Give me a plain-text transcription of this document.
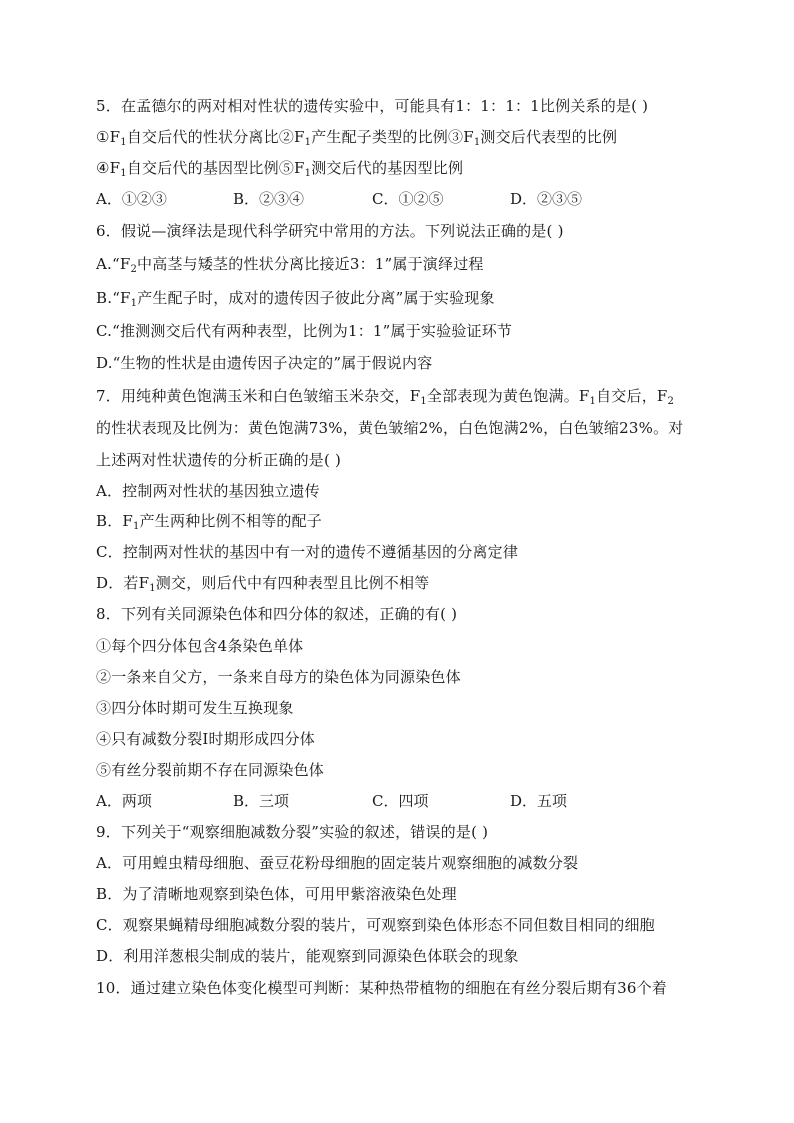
5．在孟德尔的两对相对性状的遗传实验中，可能具有1：1：1：1比例关系的是( )
$①F_1$自交后代的性状分离比$②F_1$产生配子类型的比例$③F_1$测交后代表型的比例
$④F_1$自交后代的基因型比例$⑤F_1$测交后代的基因型比例
A．①②③	B．②③④	C．①②⑤	D．②③⑤
6．假说—演绎法是现代科学研究中常用的方法。下列说法正确的是( )
$A.“F_2$中高茎与矮茎的性状分离比接近3：1”属于演绎过程
$B.“F_1$产生配子时，成对的遗传因子彼此分离”属于实验现象
C.“推测测交后代有两种表型，比例为1：1”属于实验验证环节
D.“生物的性状是由遗传因子决定的”属于假说内容
7．用纯种黄色饱满玉米和白色皱缩玉米杂交，$F_1$全部表现为黄色饱满。$F_1$自交后，$F_2$
的性状表现及比例为：黄色饱满73%，黄色皱缩2%，白色饱满2%，白色皱缩23%。对
上述两对性状遗传的分析正确的是( )
A．控制两对性状的基因独立遗传
B．$F_1$产生两种比例不相等的配子
C．控制两对性状的基因中有一对的遗传不遵循基因的分离定律
D．若$F_1$测交，则后代中有四种表型且比例不相等
8．下列有关同源染色体和四分体的叙述，正确的有( )
①每个四分体包含4条染色单体
②一条来自父方，一条来自母方的染色体为同源染色体
③四分体时期可发生互换现象
④只有减数分裂Ⅰ时期形成四分体
⑤有丝分裂前期不存在同源染色体
A．两项	B．三项	C．四项	D．五项
9．下列关于“观察细胞减数分裂”实验的叙述，错误的是( )
A．可用蝗虫精母细胞、蚕豆花粉母细胞的固定装片观察细胞的减数分裂
B．为了清晰地观察到染色体，可用甲紫溶液染色处理
C．观察果蝇精母细胞减数分裂的装片，可观察到染色体形态不同但数目相同的细胞
D．利用洋葱根尖制成的装片，能观察到同源染色体联会的现象
10．通过建立染色体变化模型可判断：某种热带植物的细胞在有丝分裂后期有36个着
